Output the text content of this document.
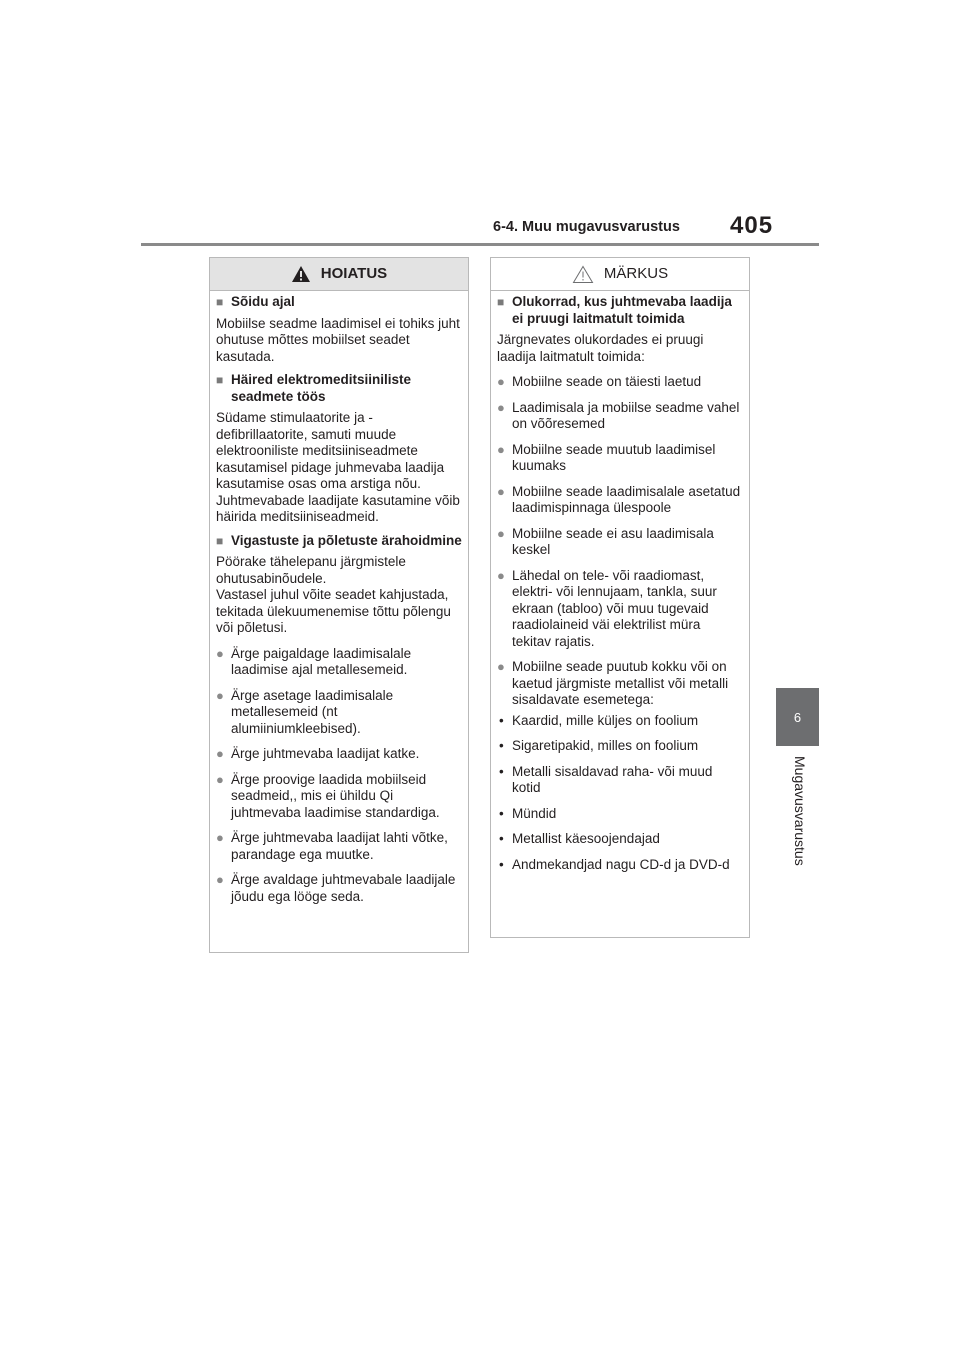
6-4. Muu mugavusvarustus 405
6
Mugavusvarustus
HOIATUS
■ Sõidu ajal
Mobiilse seadme laadimisel ei tohiks juht ohutuse mõttes mobiilset seadet kasutada.
■ Häired elektromeditsiiniliste seadmete töös
Südame stimulaatorite ja -defibrillaatorite, samuti muude elektrooniliste meditsiiniseadmete kasutamisel pidage juhmevaba laadija kasutamise osas oma arstiga nõu.
Juhtmevabade laadijate kasutamine võib häirida meditsiiniseadmeid.
■ Vigastuste ja põletuste ärahoidmine
Pöörake tähelepanu järgmistele ohutusabinõudele.
Vastasel juhul võite seadet kahjustada, tekitada ülekuumenemise tõttu põlengu või põletusi.
● Ärge paigaldage laadimisalale laadimise ajal metallesemeid.
● Ärge asetage laadimisalale metallesemeid (nt alumiiniumkleebised).
● Ärge juhtmevaba laadijat katke.
● Ärge proovige laadida mobiilseid seadmeid,, mis ei ühildu Qi juhtmevaba laadimise standardiga.
● Ärge juhtmevaba laadijat lahti võtke, parandage ega muutke.
● Ärge avaldage juhtmevabale laadijale jõudu ega lööge seda.
MÄRKUS
■ Olukorrad, kus juhtmevaba laadija ei pruugi laitmatult toimida
Järgnevates olukordades ei pruugi laadija laitmatult toimida:
● Mobiilne seade on täiesti laetud
● Laadimisala ja mobiilse seadme vahel on võõresemed
● Mobiilne seade muutub laadimisel kuumaks
● Mobiilne seade laadimisalale asetatud laadimispinnaga ülespoole
● Mobiilne seade ei asu laadimisala keskel
● Lähedal on tele- või raadiomast, elektri- või lennujaam, tankla, suur ekraan (tabloo) või muu tugevaid raadiolaineid väi elektrilist müra tekitav rajatis.
● Mobiilne seade puutub kokku või on kaetud järgmiste metallist või metalli sisaldavate esemetega:
• Kaardid, mille küljes on foolium
• Sigaretipakid, milles on foolium
• Metalli sisaldavad raha- või muud kotid
• Mündid
• Metallist käesoojendajad
• Andmekandjad nagu CD-d ja DVD-d
